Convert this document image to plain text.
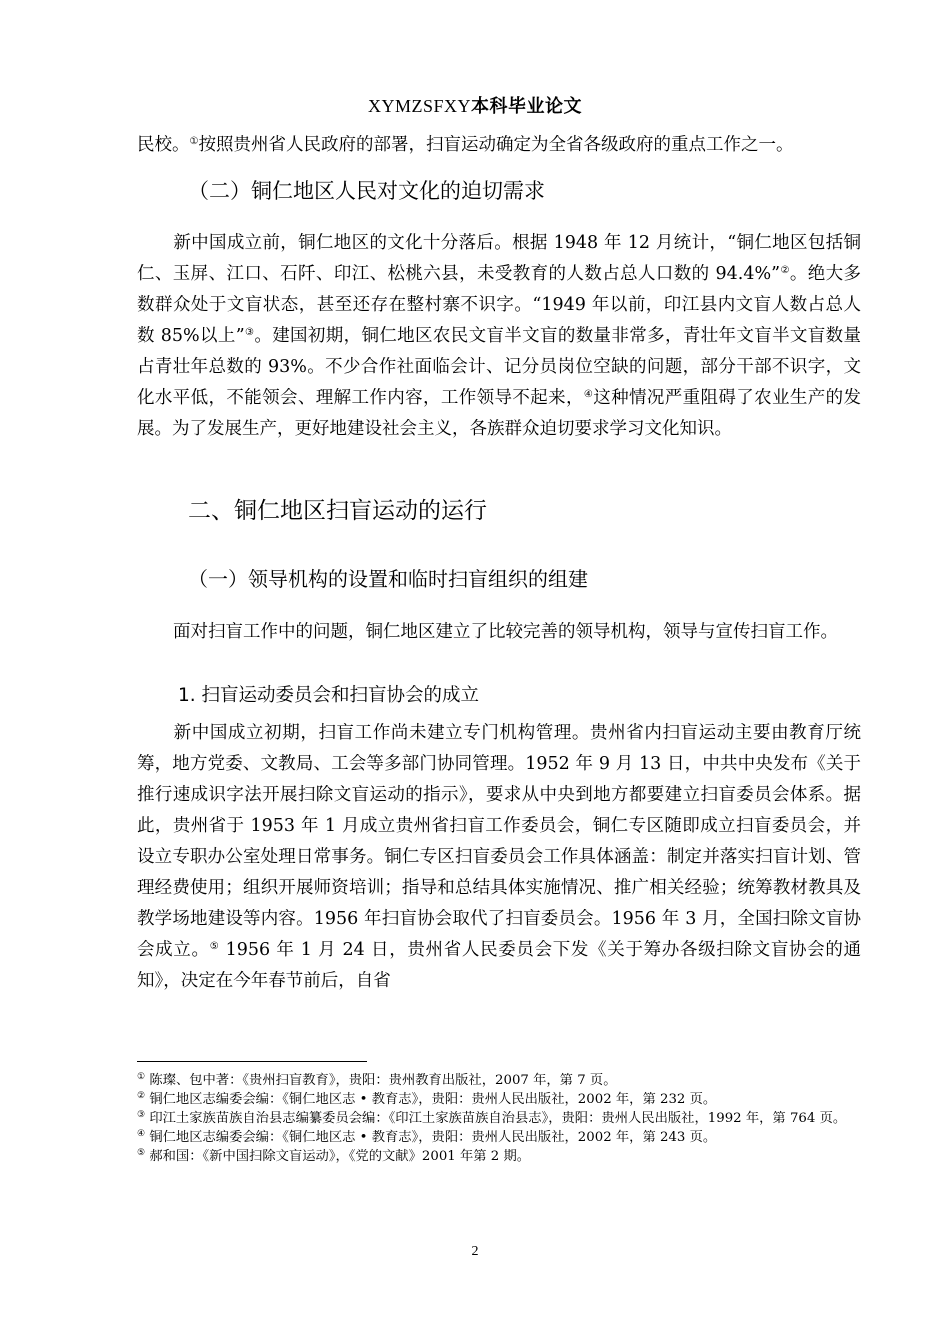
XYMZSFXY本科毕业论文
民校。①按照贵州省人民政府的部署，扫盲运动确定为全省各级政府的重点工作之一。
（二）铜仁地区人民对文化的迫切需求
新中国成立前，铜仁地区的文化十分落后。根据 1948 年 12 月统计，“铜仁地区包括铜仁、玉屏、江口、石阡、印江、松桃六县，未受教育的人数占总人口数的 94.4%”②。绝大多数群众处于文盲状态，甚至还存在整村寨不识字。“1949 年以前，印江县内文盲人数占总人数 85%以上”③。建国初期，铜仁地区农民文盲半文盲的数量非常多，青壮年文盲半文盲数量占青壮年总数的 93%。不少合作社面临会计、记分员岗位空缺的问题，部分干部不识字，文化水平低，不能领会、理解工作内容，工作领导不起来，④这种情况严重阻碍了农业生产的发展。为了发展生产，更好地建设社会主义，各族群众迫切要求学习文化知识。
二、铜仁地区扫盲运动的运行
（一）领导机构的设置和临时扫盲组织的组建
面对扫盲工作中的问题，铜仁地区建立了比较完善的领导机构，领导与宣传扫盲工作。
1. 扫盲运动委员会和扫盲协会的成立
新中国成立初期，扫盲工作尚未建立专门机构管理。贵州省内扫盲运动主要由教育厅统筹，地方党委、文教局、工会等多部门协同管理。1952 年 9 月 13 日，中共中央发布《关于推行速成识字法开展扫除文盲运动的指示》，要求从中央到地方都要建立扫盲委员会体系。据此，贵州省于 1953 年 1 月成立贵州省扫盲工作委员会，铜仁专区随即成立扫盲委员会，并设立专职办公室处理日常事务。铜仁专区扫盲委员会工作具体涵盖：制定并落实扫盲计划、管理经费使用；组织开展师资培训；指导和总结具体实施情况、推广相关经验；统筹教材教具及教学场地建设等内容。1956 年扫盲协会取代了扫盲委员会。1956 年 3 月，全国扫除文盲协会成立。⑤ 1956 年 1 月 24 日，贵州省人民委员会下发《关于筹办各级扫除文盲协会的通知》，决定在今年春节前后，自省

① 陈璨、包中著：《贵州扫盲教育》，贵阳：贵州教育出版社，2007 年，第 7 页。

② 铜仁地区志编委会编：《铜仁地区志 • 教育志》，贵阳：贵州人民出版社，2002 年，第 232 页。

③ 印江土家族苗族自治县志编纂委员会编：《印江土家族苗族自治县志》，贵阳：贵州人民出版社，1992 年，第 764 页。

④ 铜仁地区志编委会编：《铜仁地区志 • 教育志》，贵阳：贵州人民出版社，2002 年，第 243 页。

⑤ 郝和国：《新中国扫除文盲运动》，《党的文献》2001 年第 2 期。

2
